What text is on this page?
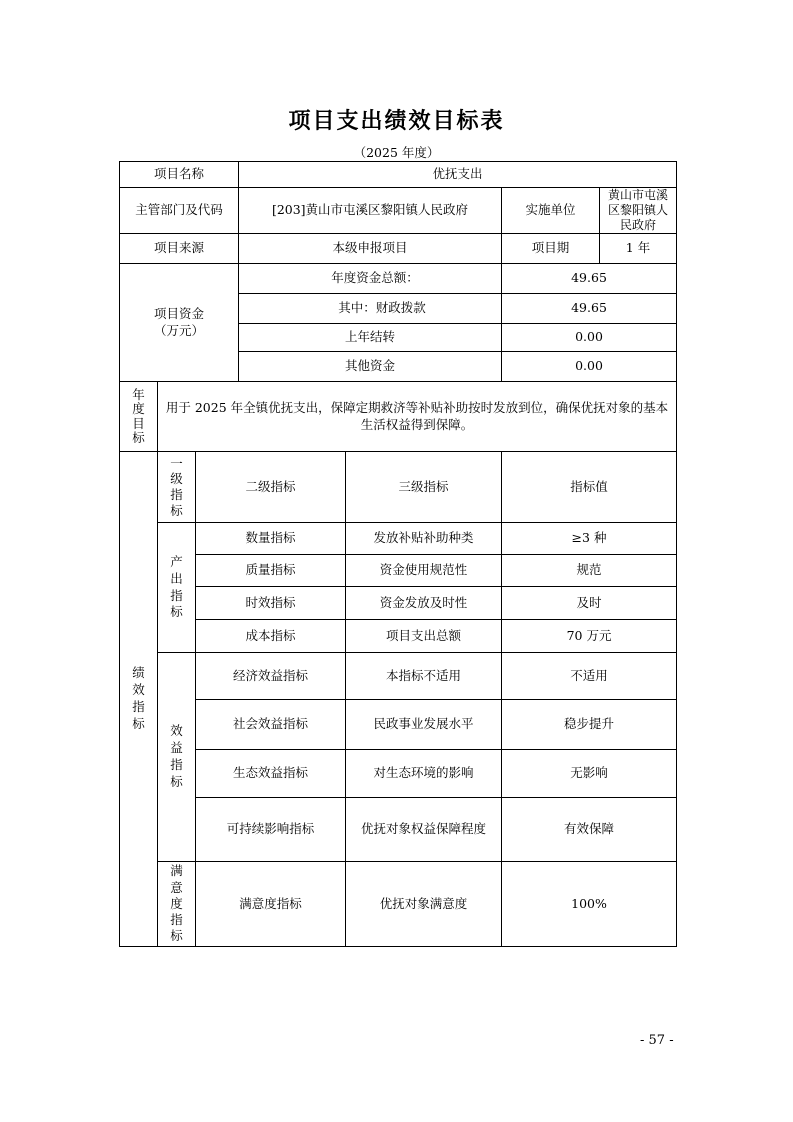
项目支出绩效目标表
（2025 年度）
项目名称			优抚支出			
主管部门及代码			[203]黄山市屯溪区黎阳镇人民政府		实施单位	黄山市屯溪区黎阳镇人民政府
项目来源			本级申报项目		项目期	1 年
项目资金（万元）			年度资金总额：		49.65	
			其中：财政拨款		49.65	
			上年结转		0.00	
			其他资金		0.00	
年度目标	用于 2025 年全镇优抚支出，保障定期救济等补贴补助按时发放到位，确保优抚对象的基本生活权益得到保障。					
绩效指标	一级指标	二级指标		三级指标	指标值	
	产出指标	数量指标		发放补贴补助种类	≥3 种	
		质量指标		资金使用规范性	规范	
		时效指标		资金发放及时性	及时	
		成本指标		项目支出总额	70 万元	
	效益指标	经济效益指标		本指标不适用	不适用	
		社会效益指标		民政事业发展水平	稳步提升	
		生态效益指标		对生态环境的影响	无影响	
		可持续影响指标		优抚对象权益保障程度	有效保障	
	满意度指标	满意度指标		优抚对象满意度	100%	
- 57 -
